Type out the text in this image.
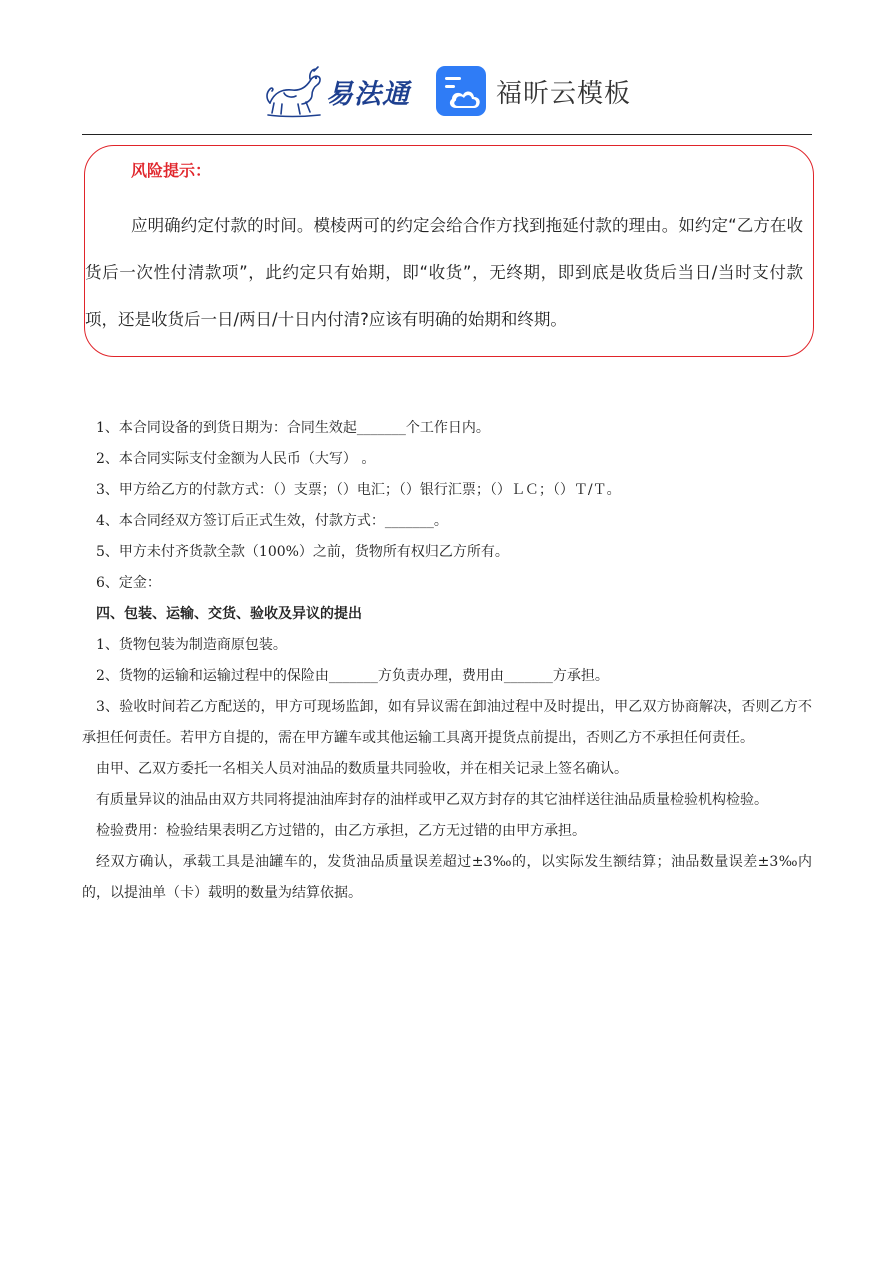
易法通	福昕云模板
风险提示：
应明确约定付款的时间。模棱两可的约定会给合作方找到拖延付款的理由。如约定“乙方在收货后一次性付清款项”，此约定只有始期，即“收货”，无终期，即到底是收货后当日/当时支付款项，还是收货后一日/两日/十日内付清?应该有明确的始期和终期。

1、本合同设备的到货日期为：合同生效起_______个工作日内。

2、本合同实际支付金额为人民币（大写） 。

3、甲方给乙方的付款方式：（）支票；（）电汇；（）银行汇票；（）ＬＣ；（）Ｔ/Ｔ。

4、本合同经双方签订后正式生效，付款方式：_______。

5、甲方未付齐货款全款（100%）之前，货物所有权归乙方所有。

6、定金：

四、包装、运输、交货、验收及异议的提出

1、货物包装为制造商原包装。

2、货物的运输和运输过程中的保险由_______方负责办理，费用由_______方承担。

3、验收时间若乙方配送的，甲方可现场监卸，如有异议需在卸油过程中及时提出，甲乙双方协商解决，否则乙方不承担任何责任。若甲方自提的，需在甲方罐车或其他运输工具离开提货点前提出，否则乙方不承担任何责任。

由甲、乙双方委托一名相关人员对油品的数质量共同验收，并在相关记录上签名确认。

有质量异议的油品由双方共同将提油油库封存的油样或甲乙双方封存的其它油样送往油品质量检验机构检验。

检验费用：检验结果表明乙方过错的，由乙方承担，乙方无过错的由甲方承担。

经双方确认，承载工具是油罐车的，发货油品质量误差超过±3‰的，以实际发生额结算；油品数量误差±3‰内的，以提油单（卡）载明的数量为结算依据。
